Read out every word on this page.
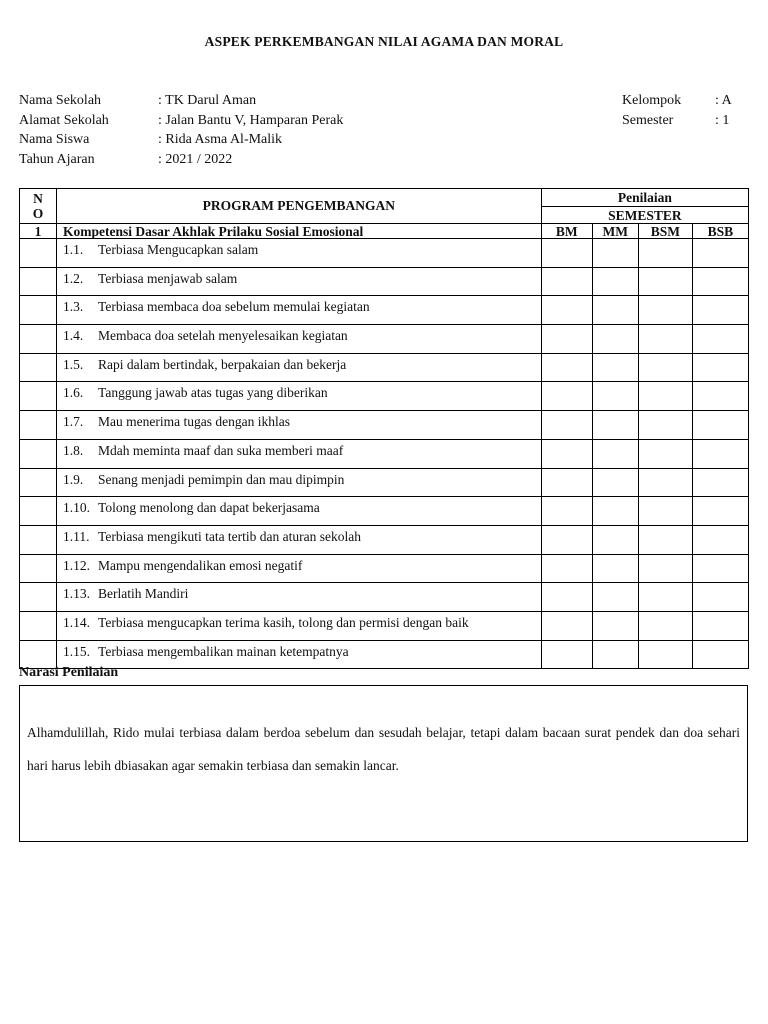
ASPEK PERKEMBANGAN NILAI AGAMA DAN MORAL
Nama Sekolah	: TK Darul Aman
Alamat Sekolah	: Jalan Bantu V, Hamparan Perak
Nama Siswa	: Rida Asma Al-Malik
Tahun Ajaran	: 2021 / 2022
Kelompok	: A
Semester	: 1
N
O	PROGRAM PENGEMBANGAN	Penilaian			
		SEMESTER			
1	Kompetensi Dasar Akhlak Prilaku Sosial Emosional	BM	MM	BSM	BSB
	1.1. Terbiasa Mengucapkan salam				
	1.2. Terbiasa menjawab salam				
	1.3. Terbiasa membaca doa sebelum memulai kegiatan				
	1.4. Membaca doa setelah menyelesaikan kegiatan				
	1.5. Rapi dalam bertindak, berpakaian dan bekerja				
	1.6. Tanggung jawab atas tugas yang diberikan				
	1.7. Mau menerima tugas dengan ikhlas				
	1.8. Mdah meminta maaf dan suka memberi maaf				
	1.9. Senang menjadi pemimpin dan mau dipimpin				
	1.10. Tolong menolong dan dapat bekerjasama				
	1.11. Terbiasa mengikuti tata tertib dan aturan sekolah				
	1.12. Mampu mengendalikan emosi negatif				
	1.13. Berlatih Mandiri				
	1.14. Terbiasa mengucapkan terima kasih, tolong dan permisi dengan baik				
	1.15. Terbiasa mengembalikan mainan ketempatnya				
Narasi Penilaian
Alhamdulillah, Rido mulai terbiasa dalam berdoa sebelum dan sesudah belajar, tetapi dalam bacaan surat pendek dan doa sehari hari harus lebih dbiasakan agar semakin terbiasa dan semakin lancar.
